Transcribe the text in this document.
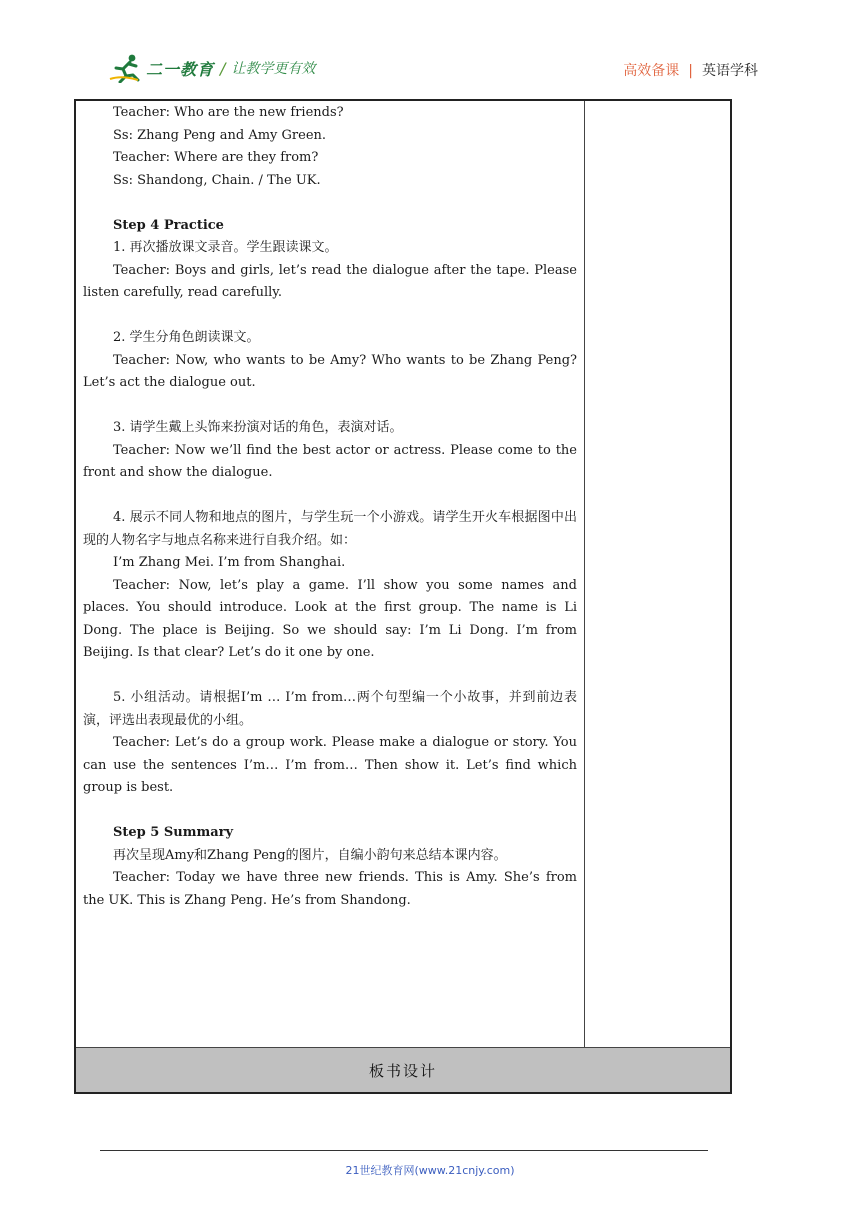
二一教育 / 让教学更有效	高效备课 | 英语学科

Teacher: Who are the new friends?

Ss: Zhang Peng and Amy Green.

Teacher: Where are they from?

Ss: Shandong, Chain. / The UK.

Step 4 Practice

1. 再次播放课文录音。学生跟读课文。

Teacher: Boys and girls, let’s read the dialogue after the tape. Please listen carefully, read carefully.

2. 学生分角色朗读课文。

Teacher: Now, who wants to be Amy? Who wants to be Zhang Peng? Let’s act the dialogue out.

3. 请学生戴上头饰来扮演对话的角色，表演对话。

Teacher: Now we’ll find the best actor or actress. Please come to the front and show the dialogue.

4. 展示不同人物和地点的图片，与学生玩一个小游戏。请学生开火车根据图中出现的人物名字与地点名称来进行自我介绍。如：

I’m Zhang Mei. I’m from Shanghai.

Teacher: Now, let’s play a game. I’ll show you some names and places. You should introduce. Look at the first group. The name is Li Dong. The place is Beijing. So we should say: I’m Li Dong. I’m from Beijing. Is that clear? Let’s do it one by one.

5. 小组活动。请根据I’m … I’m from…两个句型编一个小故事，并到前边表演，评选出表现最优的小组。

Teacher: Let’s do a group work. Please make a dialogue or story. You can use the sentences I’m… I’m from… Then show it. Let’s find which group is best.

Step 5 Summary

再次呈现Amy和Zhang Peng的图片，自编小韵句来总结本课内容。

Teacher: Today we have three new friends. This is Amy. She’s from the UK. This is Zhang Peng. He’s from Shandong.

板书设计
21世纪教育网(www.21cnjy.com)
